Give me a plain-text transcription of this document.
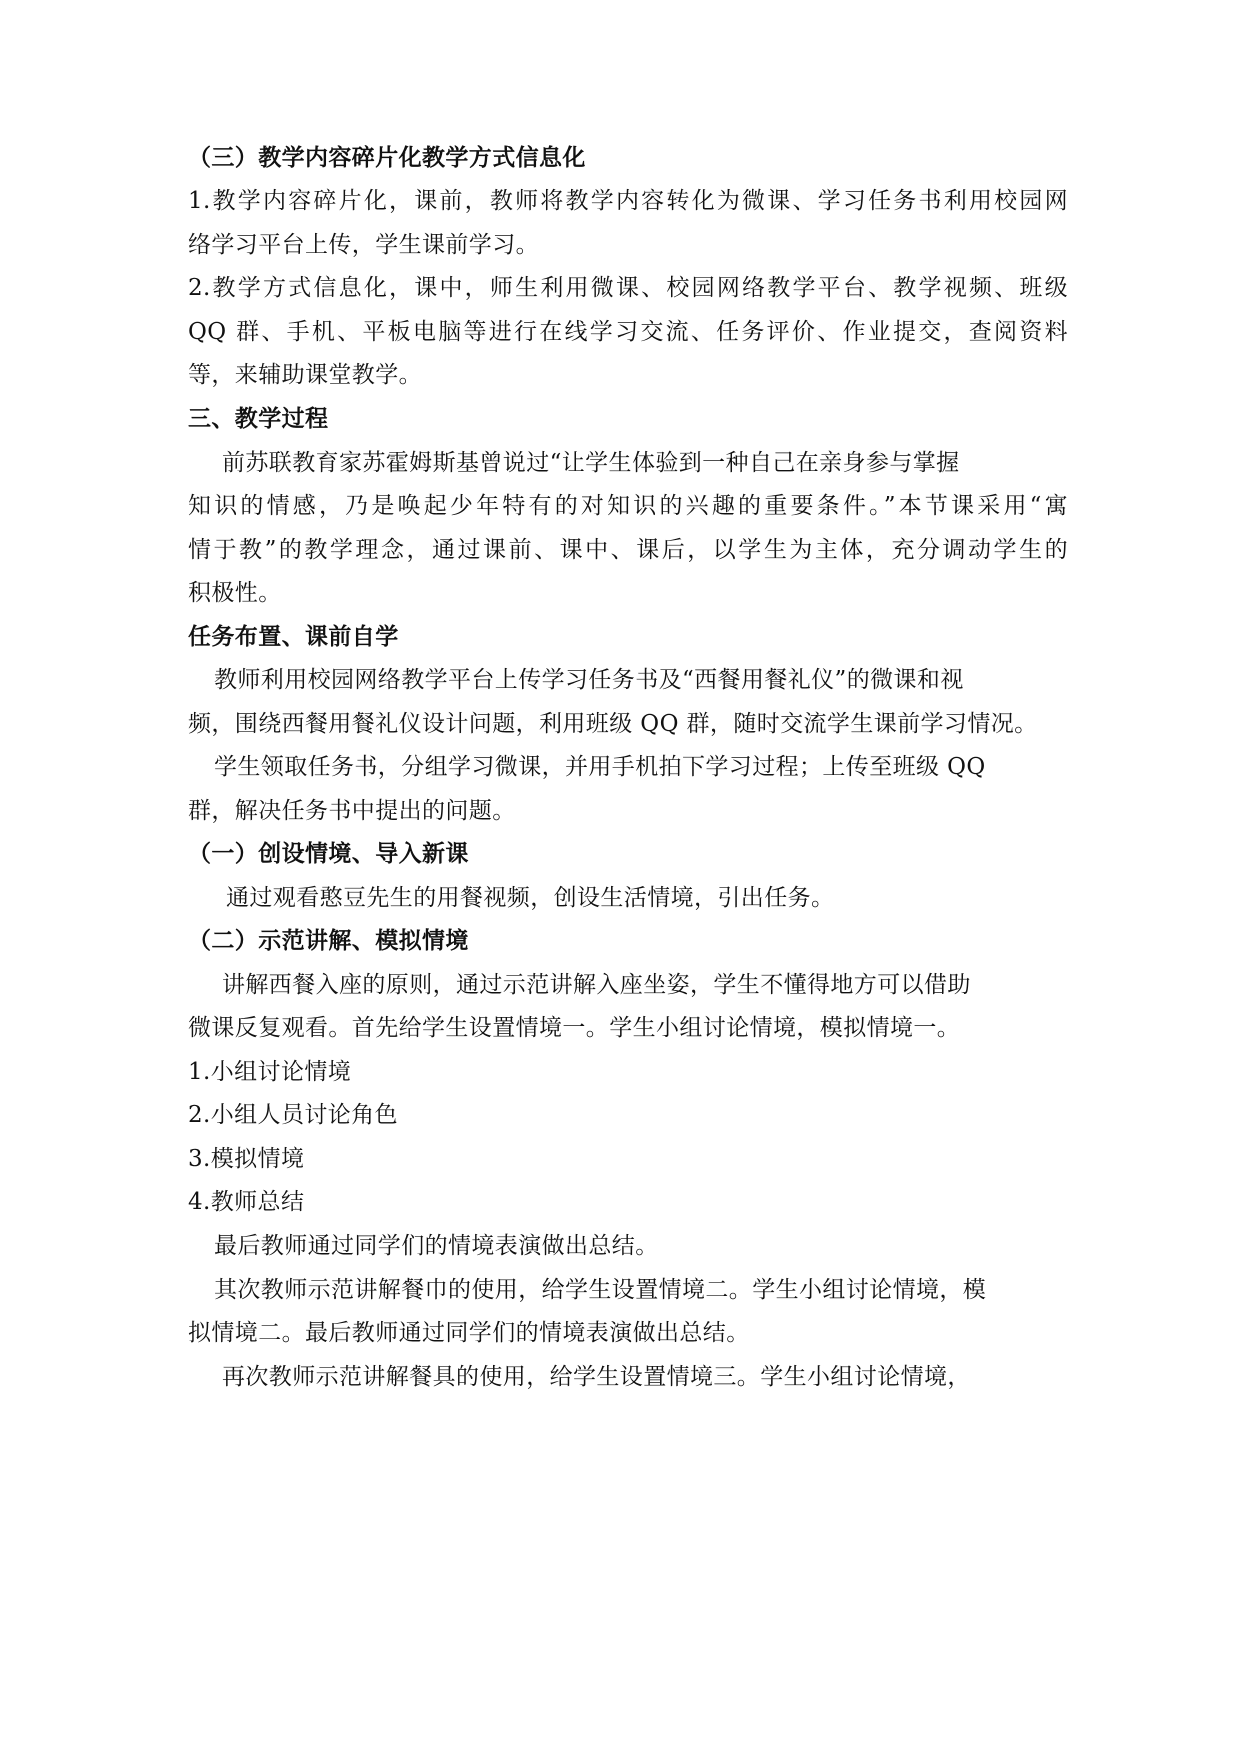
（三）教学内容碎片化教学方式信息化
1.教学内容碎片化，课前，教师将教学内容转化为微课、学习任务书利用校园网
络学习平台上传，学生课前学习。
2.教学方式信息化，课中，师生利用微课、校园网络教学平台、教学视频、班级
QQ 群、手机、平板电脑等进行在线学习交流、任务评价、作业提交，查阅资料
等，来辅助课堂教学。
三、教学过程
前苏联教育家苏霍姆斯基曾说过“让学生体验到一种自己在亲身参与掌握
知识的情感，乃是唤起少年特有的对知识的兴趣的重要条件。”本节课采用“寓
情于教”的教学理念，通过课前、课中、课后，以学生为主体，充分调动学生的
积极性。
任务布置、课前自学
教师利用校园网络教学平台上传学习任务书及“西餐用餐礼仪”的微课和视
频，围绕西餐用餐礼仪设计问题，利用班级 QQ 群，随时交流学生课前学习情况。
学生领取任务书，分组学习微课，并用手机拍下学习过程；上传至班级 QQ
群，解决任务书中提出的问题。
（一）创设情境、导入新课
通过观看憨豆先生的用餐视频，创设生活情境，引出任务。
（二）示范讲解、模拟情境
讲解西餐入座的原则，通过示范讲解入座坐姿，学生不懂得地方可以借助
微课反复观看。首先给学生设置情境一。学生小组讨论情境，模拟情境一。
1.小组讨论情境
2.小组人员讨论角色
3.模拟情境
4.教师总结
最后教师通过同学们的情境表演做出总结。
其次教师示范讲解餐巾的使用，给学生设置情境二。学生小组讨论情境，模
拟情境二。最后教师通过同学们的情境表演做出总结。
再次教师示范讲解餐具的使用，给学生设置情境三。学生小组讨论情境，
